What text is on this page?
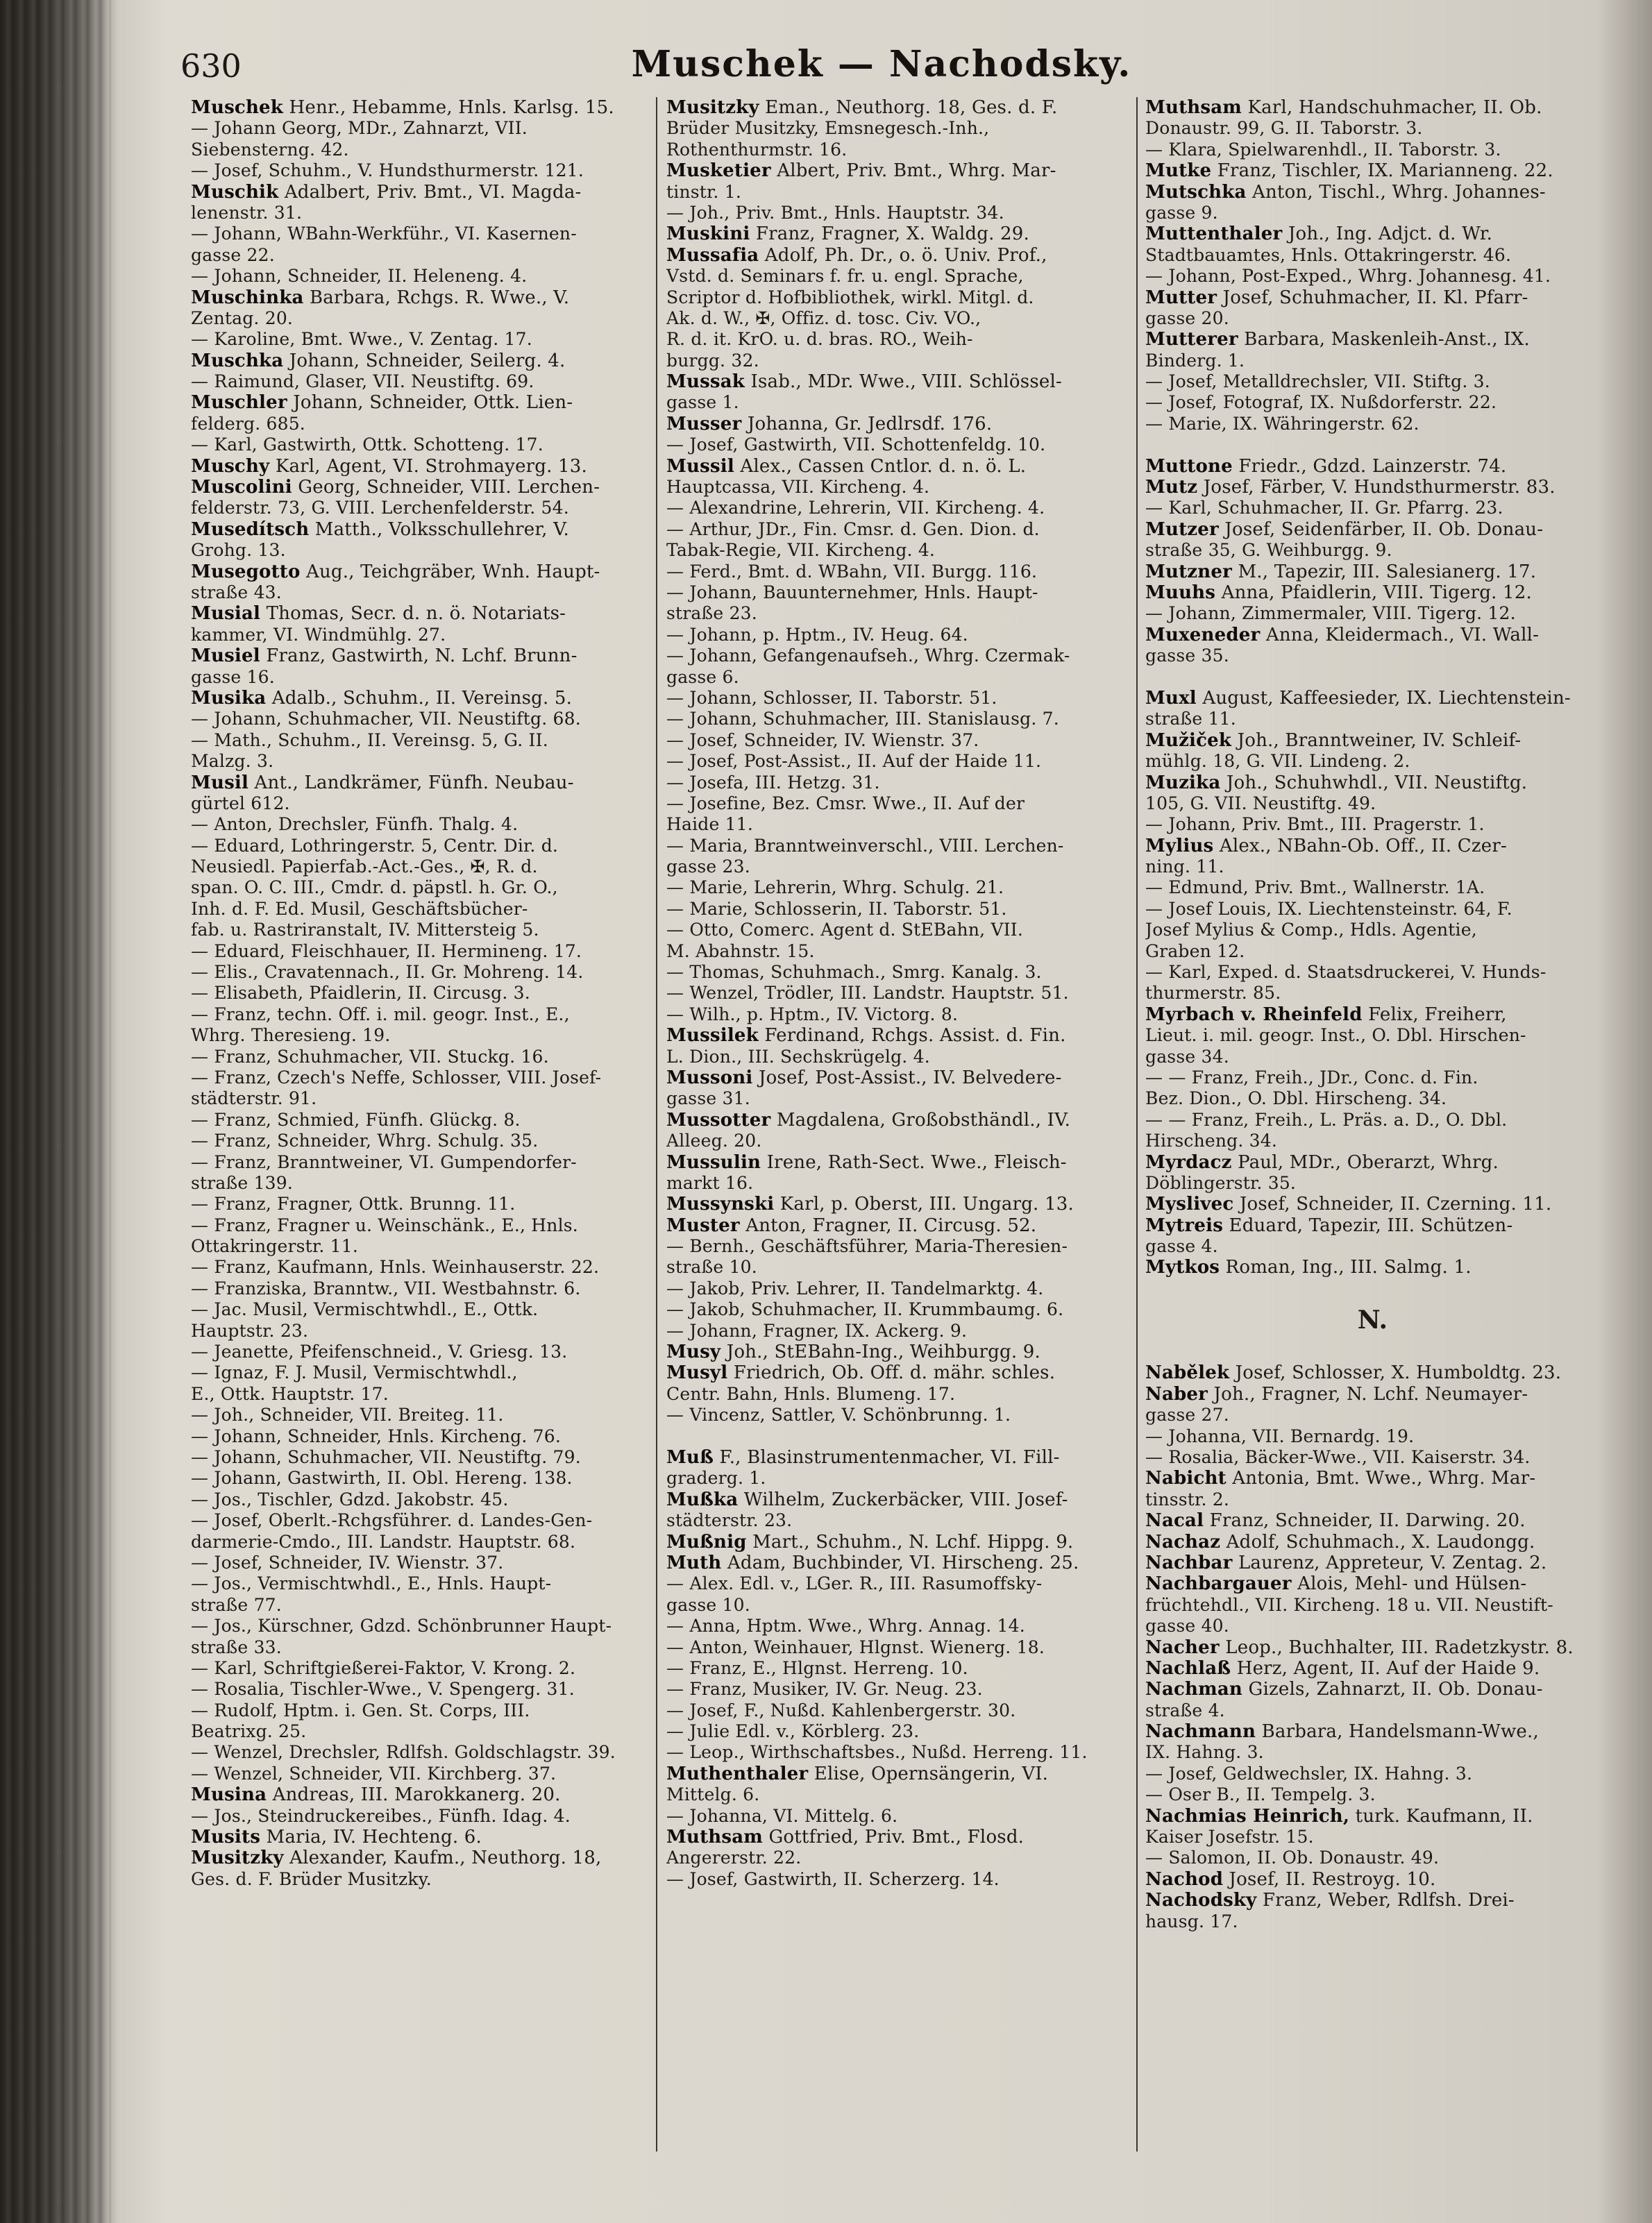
630	Muschek — Nachodsky.
Muschek Henr., Hebamme, Hnls. Karlsg. 15.
— Johann Georg, MDr., Zahnarzt, VII.
Siebensterng. 42.
— Josef, Schuhm., V. Hundsthurmerstr. 121.
Muschik Adalbert, Priv. Bmt., VI. Magda-
lenenstr. 31.
— Johann, WBahn-Werkführ., VI. Kasernen-
gasse 22.
— Johann, Schneider, II. Heleneng. 4.
Muschinka Barbara, Rchgs. R. Wwe., V.
Zentag. 20.
— Karoline, Bmt. Wwe., V. Zentag. 17.
Muschka Johann, Schneider, Seilerg. 4.
— Raimund, Glaser, VII. Neustiftg. 69.
Muschler Johann, Schneider, Ottk. Lien-
felderg. 685.
— Karl, Gastwirth, Ottk. Schotteng. 17.
Muschy Karl, Agent, VI. Strohmayerg. 13.
Muscolini Georg, Schneider, VIII. Lerchen-
felderstr. 73, G. VIII. Lerchenfelderstr. 54.
Musedítsch Matth., Volksschullehrer, V.
Grohg. 13.
Musegotto Aug., Teichgräber, Wnh. Haupt-
straße 43.
Musial Thomas, Secr. d. n. ö. Notariats-
kammer, VI. Windmühlg. 27.
Musiel Franz, Gastwirth, N. Lchf. Brunn-
gasse 16.
Musika Adalb., Schuhm., II. Vereinsg. 5.
— Johann, Schuhmacher, VII. Neustiftg. 68.
— Math., Schuhm., II. Vereinsg. 5, G. II.
Malzg. 3.
Musil Ant., Landkrämer, Fünfh. Neubau-
gürtel 612.
— Anton, Drechsler, Fünfh. Thalg. 4.
— Eduard, Lothringerstr. 5, Centr. Dir. d.
Neusiedl. Papierfab.-Act.-Ges., ✠, R. d.
span. O. C. III., Cmdr. d. päpstl. h. Gr. O.,
Inh. d. F. Ed. Musil, Geschäftsbücher-
fab. u. Rastriranstalt, IV. Mittersteig 5.
— Eduard, Fleischhauer, II. Hermineng. 17.
— Elis., Cravatennach., II. Gr. Mohreng. 14.
— Elisabeth, Pfaidlerin, II. Circusg. 3.
— Franz, techn. Off. i. mil. geogr. Inst., E.,
Whrg. Theresieng. 19.
— Franz, Schuhmacher, VII. Stuckg. 16.
— Franz, Czech's Neffe, Schlosser, VIII. Josef-
städterstr. 91.
— Franz, Schmied, Fünfh. Glückg. 8.
— Franz, Schneider, Whrg. Schulg. 35.
— Franz, Branntweiner, VI. Gumpendorfer-
straße 139.
— Franz, Fragner, Ottk. Brunng. 11.
— Franz, Fragner u. Weinschänk., E., Hnls.
Ottakringerstr. 11.
— Franz, Kaufmann, Hnls. Weinhauserstr. 22.
— Franziska, Branntw., VII. Westbahnstr. 6.
— Jac. Musil, Vermischtwhdl., E., Ottk.
Hauptstr. 23.
— Jeanette, Pfeifenschneid., V. Griesg. 13.
— Ignaz, F. J. Musil, Vermischtwhdl.,
E., Ottk. Hauptstr. 17.
— Joh., Schneider, VII. Breiteg. 11.
— Johann, Schneider, Hnls. Kircheng. 76.
— Johann, Schuhmacher, VII. Neustiftg. 79.
— Johann, Gastwirth, II. Obl. Hereng. 138.
— Jos., Tischler, Gdzd. Jakobstr. 45.
— Josef, Oberlt.-Rchgsführer. d. Landes-Gen-
darmerie-Cmdo., III. Landstr. Hauptstr. 68.
— Josef, Schneider, IV. Wienstr. 37.
— Jos., Vermischtwhdl., E., Hnls. Haupt-
straße 77.
— Jos., Kürschner, Gdzd. Schönbrunner Haupt-
straße 33.
— Karl, Schriftgießerei-Faktor, V. Krong. 2.
— Rosalia, Tischler-Wwe., V. Spengerg. 31.
— Rudolf, Hptm. i. Gen. St. Corps, III.
Beatrixg. 25.
— Wenzel, Drechsler, Rdlfsh. Goldschlagstr. 39.
— Wenzel, Schneider, VII. Kirchberg. 37.
Musina Andreas, III. Marokkanerg. 20.
— Jos., Steindruckereibes., Fünfh. Idag. 4.
Musits Maria, IV. Hechteng. 6.
Musitzky Alexander, Kaufm., Neuthorg. 18,
Ges. d. F. Brüder Musitzky.
Musitzky Eman., Neuthorg. 18, Ges. d. F.
Brüder Musitzky, Emsnegesch.-Inh.,
Rothenthurmstr. 16.
Musketier Albert, Priv. Bmt., Whrg. Mar-
tinstr. 1.
— Joh., Priv. Bmt., Hnls. Hauptstr. 34.
Muskini Franz, Fragner, X. Waldg. 29.
Mussafia Adolf, Ph. Dr., o. ö. Univ. Prof.,
Vstd. d. Seminars f. fr. u. engl. Sprache,
Scriptor d. Hofbibliothek, wirkl. Mitgl. d.
Ak. d. W., ✠, Offiz. d. tosc. Civ. VO.,
R. d. it. KrO. u. d. bras. RO., Weih-
burgg. 32.
Mussak Isab., MDr. Wwe., VIII. Schlössel-
gasse 1.
Musser Johanna, Gr. Jedlrsdf. 176.
— Josef, Gastwirth, VII. Schottenfeldg. 10.
Mussil Alex., Cassen Cntlor. d. n. ö. L.
Hauptcassa, VII. Kircheng. 4.
— Alexandrine, Lehrerin, VII. Kircheng. 4.
— Arthur, JDr., Fin. Cmsr. d. Gen. Dion. d.
Tabak-Regie, VII. Kircheng. 4.
— Ferd., Bmt. d. WBahn, VII. Burgg. 116.
— Johann, Bauunternehmer, Hnls. Haupt-
straße 23.
— Johann, p. Hptm., IV. Heug. 64.
— Johann, Gefangenaufseh., Whrg. Czermak-
gasse 6.
— Johann, Schlosser, II. Taborstr. 51.
— Johann, Schuhmacher, III. Stanislausg. 7.
— Josef, Schneider, IV. Wienstr. 37.
— Josef, Post-Assist., II. Auf der Haide 11.
— Josefa, III. Hetzg. 31.
— Josefine, Bez. Cmsr. Wwe., II. Auf der
Haide 11.
— Maria, Branntweinverschl., VIII. Lerchen-
gasse 23.
— Marie, Lehrerin, Whrg. Schulg. 21.
— Marie, Schlosserin, II. Taborstr. 51.
— Otto, Comerc. Agent d. StEBahn, VII.
M. Abahnstr. 15.
— Thomas, Schuhmach., Smrg. Kanalg. 3.
— Wenzel, Trödler, III. Landstr. Hauptstr. 51.
— Wilh., p. Hptm., IV. Victorg. 8.
Mussilek Ferdinand, Rchgs. Assist. d. Fin.
L. Dion., III. Sechskrügelg. 4.
Mussoni Josef, Post-Assist., IV. Belvedere-
gasse 31.
Mussotter Magdalena, Großobsthändl., IV.
Alleeg. 20.
Mussulin Irene, Rath-Sect. Wwe., Fleisch-
markt 16.
Mussynski Karl, p. Oberst, III. Ungarg. 13.
Muster Anton, Fragner, II. Circusg. 52.
— Bernh., Geschäftsführer, Maria-Theresien-
straße 10.
— Jakob, Priv. Lehrer, II. Tandelmarktg. 4.
— Jakob, Schuhmacher, II. Krummbaumg. 6.
— Johann, Fragner, IX. Ackerg. 9.
Musy Joh., StEBahn-Ing., Weihburgg. 9.
Musyl Friedrich, Ob. Off. d. mähr. schles.
Centr. Bahn, Hnls. Blumeng. 17.
— Vincenz, Sattler, V. Schönbrunng. 1.
Muß F., Blasinstrumentenmacher, VI. Fill-
graderg. 1.
Mußka Wilhelm, Zuckerbäcker, VIII. Josef-
städterstr. 23.
Mußnig Mart., Schuhm., N. Lchf. Hippg. 9.
Muth Adam, Buchbinder, VI. Hirscheng. 25.
— Alex. Edl. v., LGer. R., III. Rasumoffsky-
gasse 10.
— Anna, Hptm. Wwe., Whrg. Annag. 14.
— Anton, Weinhauer, Hlgnst. Wienerg. 18.
— Franz, E., Hlgnst. Herreng. 10.
— Franz, Musiker, IV. Gr. Neug. 23.
— Josef, F., Nußd. Kahlenbergerstr. 30.
— Julie Edl. v., Körblerg. 23.
— Leop., Wirthschaftsbes., Nußd. Herreng. 11.
Muthenthaler Elise, Opernsängerin, VI.
Mittelg. 6.
— Johanna, VI. Mittelg. 6.
Muthsam Gottfried, Priv. Bmt., Flosd.
Angererstr. 22.
— Josef, Gastwirth, II. Scherzerg. 14.
Muthsam Karl, Handschuhmacher, II. Ob.
Donaustr. 99, G. II. Taborstr. 3.
— Klara, Spielwarenhdl., II. Taborstr. 3.
Mutke Franz, Tischler, IX. Marianneng. 22.
Mutschka Anton, Tischl., Whrg. Johannes-
gasse 9.
Muttenthaler Joh., Ing. Adjct. d. Wr.
Stadtbauamtes, Hnls. Ottakringerstr. 46.
— Johann, Post-Exped., Whrg. Johannesg. 41.
Mutter Josef, Schuhmacher, II. Kl. Pfarr-
gasse 20.
Mutterer Barbara, Maskenleih-Anst., IX.
Binderg. 1.
— Josef, Metalldrechsler, VII. Stiftg. 3.
— Josef, Fotograf, IX. Nußdorferstr. 22.
— Marie, IX. Währingerstr. 62.
Muttone Friedr., Gdzd. Lainzerstr. 74.
Mutz Josef, Färber, V. Hundsthurmerstr. 83.
— Karl, Schuhmacher, II. Gr. Pfarrg. 23.
Mutzer Josef, Seidenfärber, II. Ob. Donau-
straße 35, G. Weihburgg. 9.
Mutzner M., Tapezir, III. Salesianerg. 17.
Muuhs Anna, Pfaidlerin, VIII. Tigerg. 12.
— Johann, Zimmermaler, VIII. Tigerg. 12.
Muxeneder Anna, Kleidermach., VI. Wall-
gasse 35.
Muxl August, Kaffeesieder, IX. Liechtenstein-
straße 11.
Mužiček Joh., Branntweiner, IV. Schleif-
mühlg. 18, G. VII. Lindeng. 2.
Muzika Joh., Schuhwhdl., VII. Neustiftg.
105, G. VII. Neustiftg. 49.
— Johann, Priv. Bmt., III. Pragerstr. 1.
Mylius Alex., NBahn-Ob. Off., II. Czer-
ning. 11.
— Edmund, Priv. Bmt., Wallnerstr. 1A.
— Josef Louis, IX. Liechtensteinstr. 64, F.
Josef Mylius & Comp., Hdls. Agentie,
Graben 12.
— Karl, Exped. d. Staatsdruckerei, V. Hunds-
thurmerstr. 85.
Myrbach v. Rheinfeld Felix, Freiherr,
Lieut. i. mil. geogr. Inst., O. Dbl. Hirschen-
gasse 34.
— — Franz, Freih., JDr., Conc. d. Fin.
Bez. Dion., O. Dbl. Hirscheng. 34.
— — Franz, Freih., L. Präs. a. D., O. Dbl.
Hirscheng. 34.
Myrdacz Paul, MDr., Oberarzt, Whrg.
Döblingerstr. 35.
Myslivec Josef, Schneider, II. Czerning. 11.
Mytreis Eduard, Tapezir, III. Schützen-
gasse 4.
Mytkos Roman, Ing., III. Salmg. 1.
N.
Nabělek Josef, Schlosser, X. Humboldtg. 23.
Naber Joh., Fragner, N. Lchf. Neumayer-
gasse 27.
— Johanna, VII. Bernardg. 19.
— Rosalia, Bäcker-Wwe., VII. Kaiserstr. 34.
Nabicht Antonia, Bmt. Wwe., Whrg. Mar-
tinsstr. 2.
Nacal Franz, Schneider, II. Darwing. 20.
Nachaz Adolf, Schuhmach., X. Laudongg.
Nachbar Laurenz, Appreteur, V. Zentag. 2.
Nachbargauer Alois, Mehl- und Hülsen-
früchtehdl., VII. Kircheng. 18 u. VII. Neustift-
gasse 40.
Nacher Leop., Buchhalter, III. Radetzkystr. 8.
Nachlaß Herz, Agent, II. Auf der Haide 9.
Nachman Gizels, Zahnarzt, II. Ob. Donau-
straße 4.
Nachmann Barbara, Handelsmann-Wwe.,
IX. Hahng. 3.
— Josef, Geldwechsler, IX. Hahng. 3.
— Oser B., II. Tempelg. 3.
Nachmias Heinrich, turk. Kaufmann, II.
Kaiser Josefstr. 15.
— Salomon, II. Ob. Donaustr. 49.
Nachod Josef, II. Restroyg. 10.
Nachodsky Franz, Weber, Rdlfsh. Drei-
hausg. 17.
